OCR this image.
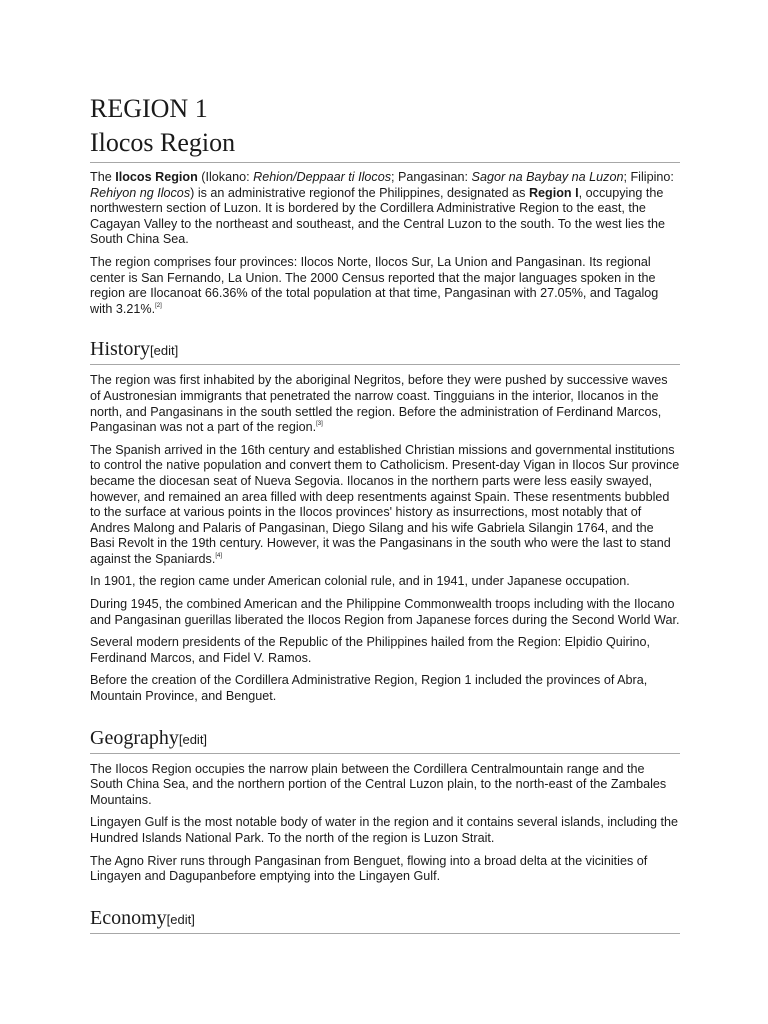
REGION 1
Ilocos Region

The Ilocos Region (Ilokano: Rehion/Deppaar ti Ilocos; Pangasinan: Sagor na Baybay na Luzon; Filipino: Rehiyon ng Ilocos) is an administrative regionof the Philippines, designated as Region I, occupying the northwestern section of Luzon. It is bordered by the Cordillera Administrative Region to the east, the Cagayan Valley to the northeast and southeast, and the Central Luzon to the south. To the west lies the South China Sea.

The region comprises four provinces: Ilocos Norte, Ilocos Sur, La Union and Pangasinan. Its regional center is San Fernando, La Union. The 2000 Census reported that the major languages spoken in the region are Ilocanoat 66.36% of the total population at that time, Pangasinan with 27.05%, and Tagalog with 3.21%.[2]

History[edit]

The region was first inhabited by the aboriginal Negritos, before they were pushed by successive waves of Austronesian immigrants that penetrated the narrow coast. Tingguians in the interior, Ilocanos in the north, and Pangasinans in the south settled the region. Before the administration of Ferdinand Marcos, Pangasinan was not a part of the region.[3]

The Spanish arrived in the 16th century and established Christian missions and governmental institutions to control the native population and convert them to Catholicism. Present-day Vigan in Ilocos Sur province became the diocesan seat of Nueva Segovia. Ilocanos in the northern parts were less easily swayed, however, and remained an area filled with deep resentments against Spain. These resentments bubbled to the surface at various points in the Ilocos provinces' history as insurrections, most notably that of Andres Malong and Palaris of Pangasinan, Diego Silang and his wife Gabriela Silangin 1764, and the Basi Revolt in the 19th century. However, it was the Pangasinans in the south who were the last to stand against the Spaniards.[4]

In 1901, the region came under American colonial rule, and in 1941, under Japanese occupation.

During 1945, the combined American and the Philippine Commonwealth troops including with the Ilocano and Pangasinan guerillas liberated the Ilocos Region from Japanese forces during the Second World War.

Several modern presidents of the Republic of the Philippines hailed from the Region: Elpidio Quirino, Ferdinand Marcos, and Fidel V. Ramos.

Before the creation of the Cordillera Administrative Region, Region 1 included the provinces of Abra, Mountain Province, and Benguet.

Geography[edit]

The Ilocos Region occupies the narrow plain between the Cordillera Centralmountain range and the South China Sea, and the northern portion of the Central Luzon plain, to the north-east of the Zambales Mountains.

Lingayen Gulf is the most notable body of water in the region and it contains several islands, including the Hundred Islands National Park. To the north of the region is Luzon Strait.

The Agno River runs through Pangasinan from Benguet, flowing into a broad delta at the vicinities of Lingayen and Dagupanbefore emptying into the Lingayen Gulf.

Economy[edit]
